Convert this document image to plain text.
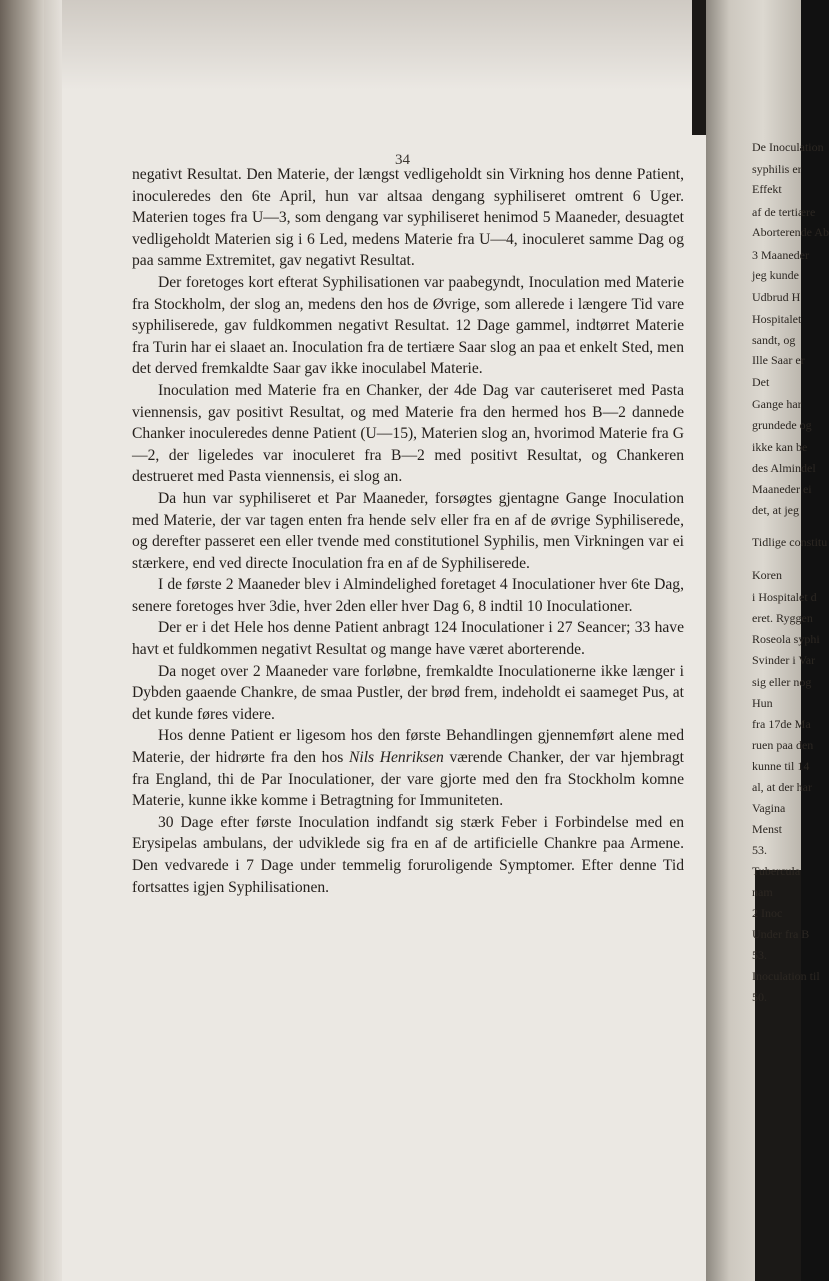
34

negativt Resultat. Den Materie, der længst vedligeholdt sin Virkning hos denne Patient, inoculeredes den 6te April, hun var altsaa dengang syphiliseret omtrent 6 Uger. Materien toges fra U—3, som dengang var syphiliseret henimod 5 Maaneder, desuagtet vedligeholdt Materien sig i 6 Led, medens Materie fra U—4, inoculeret samme Dag og paa samme Extremitet, gav negativt Resultat.

Der foretoges kort efterat Syphilisationen var paabegyndt, Inoculation med Materie fra Stockholm, der slog an, medens den hos de Øvrige, som allerede i længere Tid vare syphiliserede, gav fuldkommen negativt Resultat. 12 Dage gammel, indtørret Materie fra Turin har ei slaaet an. Inoculation fra de tertiære Saar slog an paa et enkelt Sted, men det derved fremkaldte Saar gav ikke inoculabel Materie.

Inoculation med Materie fra en Chanker, der 4de Dag var cauteriseret med Pasta viennensis, gav positivt Resultat, og med Materie fra den hermed hos B—2 dannede Chanker inoculeredes denne Patient (U—15), Materien slog an, hvorimod Materie fra G—2, der ligeledes var inoculeret fra B—2 med positivt Resultat, og Chankeren destrueret med Pasta viennensis, ei slog an.

Da hun var syphiliseret et Par Maaneder, forsøgtes gjentagne Gange Inoculation med Materie, der var tagen enten fra hende selv eller fra en af de øvrige Syphiliserede, og derefter passeret een eller tvende med constitutionel Syphilis, men Virkningen var ei stærkere, end ved directe Inoculation fra en af de Syphiliserede.

I de første 2 Maaneder blev i Almindelighed foretaget 4 Inoculationer hver 6te Dag, senere foretoges hver 3die, hver 2den eller hver Dag 6, 8 indtil 10 Inoculationer.

Der er i det Hele hos denne Patient anbragt 124 Inoculationer i 27 Seancer; 33 have havt et fuldkommen negativt Resultat og mange have været aborterende.

Da noget over 2 Maaneder vare forløbne, fremkaldte Inoculationerne ikke længer i Dybden gaaende Chankre, de smaa Pustler, der brød frem, indeholdt ei saameget Pus, at det kunde føres videre.

Hos denne Patient er ligesom hos den første Behandlingen gjennemført alene med Materie, der hidrørte fra den hos Nils Henriksen værende Chanker, der var hjembragt fra England, thi de Par Inoculationer, der vare gjorte med den fra Stockholm komne Materie, kunne ikke komme i Betragtning for Immuniteten.

30 Dage efter første Inoculation indfandt sig stærk Feber i Forbindelse med en Erysipelas ambulans, der udviklede sig fra en af de artificielle Chankre paa Armene. Den vedvarede i 7 Dage under temmelig foruroligende Symptomer. Efter denne Tid fortsattes igjen Syphilisationen.

De Inoculation
syphilis er
Effekt
af de tertiære
Aborterende Ab
3 Maaneder
jeg kunde
Udbrud H
Hospitalet
sandt, og
Ille Saar er
Det
Gange har
grundede og
ikke kan be
des Almindel
Maaneder ei
det, at jeg
Tidlige constitu
Koren
i Hospitalet d
eret. Ryggen
Roseola syphi
Svinder i Var
sig eller nog
Hun
fra 17de Ma
ruen paa den
kunne til 14
al, at der har
Vagina
Menst
53.
Tubercula
nam
2 Inoc
Under fra B
53.
Inoculation til
50.
